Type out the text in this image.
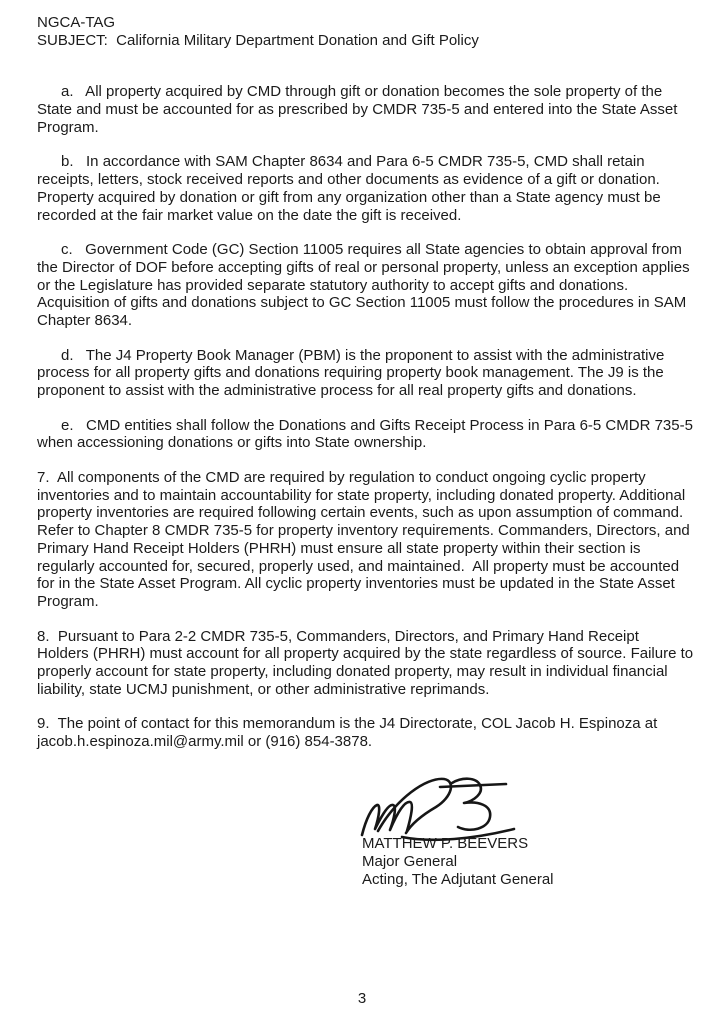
NGCA-TAG

SUBJECT:  California Military Department Donation and Gift Policy

a.   All property acquired by CMD through gift or donation becomes the sole property of the State and must be accounted for as prescribed by CMDR 735-5 and entered into the State Asset Program.

b.   In accordance with SAM Chapter 8634 and Para 6-5 CMDR 735-5, CMD shall retain receipts, letters, stock received reports and other documents as evidence of a gift or donation. Property acquired by donation or gift from any organization other than a State agency must be recorded at the fair market value on the date the gift is received.

c.   Government Code (GC) Section 11005 requires all State agencies to obtain approval from the Director of DOF before accepting gifts of real or personal property, unless an exception applies or the Legislature has provided separate statutory authority to accept gifts and donations. Acquisition of gifts and donations subject to GC Section 11005 must follow the procedures in SAM Chapter 8634.

d.   The J4 Property Book Manager (PBM) is the proponent to assist with the administrative process for all property gifts and donations requiring property book management. The J9 is the proponent to assist with the administrative process for all real property gifts and donations.

e.   CMD entities shall follow the Donations and Gifts Receipt Process in Para 6-5 CMDR 735-5 when accessioning donations or gifts into State ownership.

7.  All components of the CMD are required by regulation to conduct ongoing cyclic property inventories and to maintain accountability for state property, including donated property. Additional property inventories are required following certain events, such as upon assumption of command. Refer to Chapter 8 CMDR 735-5 for property inventory requirements. Commanders, Directors, and Primary Hand Receipt Holders (PHRH) must ensure all state property within their section is regularly accounted for, secured, properly used, and maintained.  All property must be accounted for in the State Asset Program. All cyclic property inventories must be updated in the State Asset Program.

8.  Pursuant to Para 2-2 CMDR 735-5, Commanders, Directors, and Primary Hand Receipt Holders (PHRH) must account for all property acquired by the state regardless of source. Failure to properly account for state property, including donated property, may result in individual financial liability, state UCMJ punishment, or other administrative reprimands.

9.  The point of contact for this memorandum is the J4 Directorate, COL Jacob H. Espinoza at jacob.h.espinoza.mil@army.mil or (916) 854-3878.

MATTHEW P. BEEVERS

Major General

Acting, The Adjutant General

3
